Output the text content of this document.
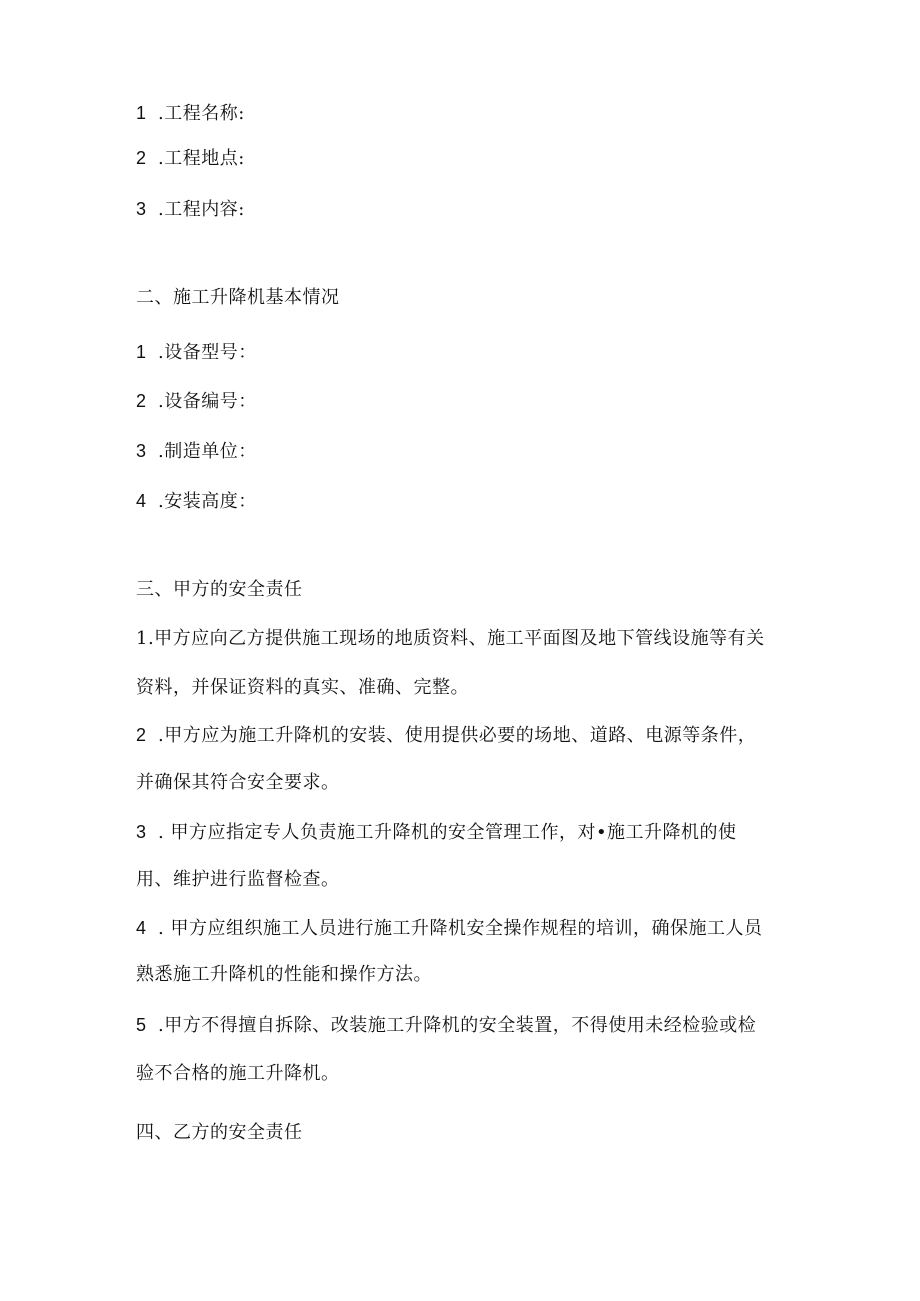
1 .工程名称:
2 .工程地点:
3 .工程内容:
二、施工升降机基本情况
1 .设备型号：
2 .设备编号：
3 .制造单位：
4 .安装高度：
三、甲方的安全责任
1.甲方应向乙方提供施工现场的地质资料、施工平面图及地下管线设施等有关
资料，并保证资料的真实、准确、完整。
2 .甲方应为施工升降机的安装、使用提供必要的场地、道路、电源等条件，
并确保其符合安全要求。
3 . 甲方应指定专人负责施工升降机的安全管理工作，对•施工升降机的使
用、维护进行监督检查。
4 . 甲方应组织施工人员进行施工升降机安全操作规程的培训，确保施工人员
熟悉施工升降机的性能和操作方法。
5 .甲方不得擅自拆除、改装施工升降机的安全装置，不得使用未经检验或检
验不合格的施工升降机。
四、乙方的安全责任
